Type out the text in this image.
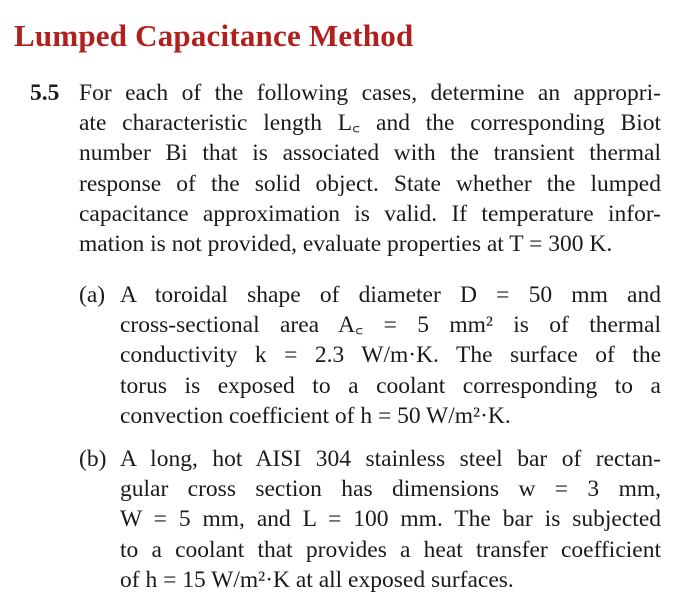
Lumped Capacitance Method
5.5 For each of the following cases, determine an appropri-
ate characteristic length L꜀ and the corresponding Biot
number Bi that is associated with the transient thermal
response of the solid object. State whether the lumped
capacitance approximation is valid. If temperature infor-
mation is not provided, evaluate properties at T = 300 K.
(a) A toroidal shape of diameter D = 50 mm and
cross-sectional area A꜀ = 5 mm² is of thermal
conductivity k = 2.3 W/m·K. The surface of the
torus is exposed to a coolant corresponding to a
convection coefficient of h = 50 W/m²·K.
(b) A long, hot AISI 304 stainless steel bar of rectan-
gular cross section has dimensions w = 3 mm,
W = 5 mm, and L = 100 mm. The bar is subjected
to a coolant that provides a heat transfer coefficient
of h = 15 W/m²·K at all exposed surfaces.
